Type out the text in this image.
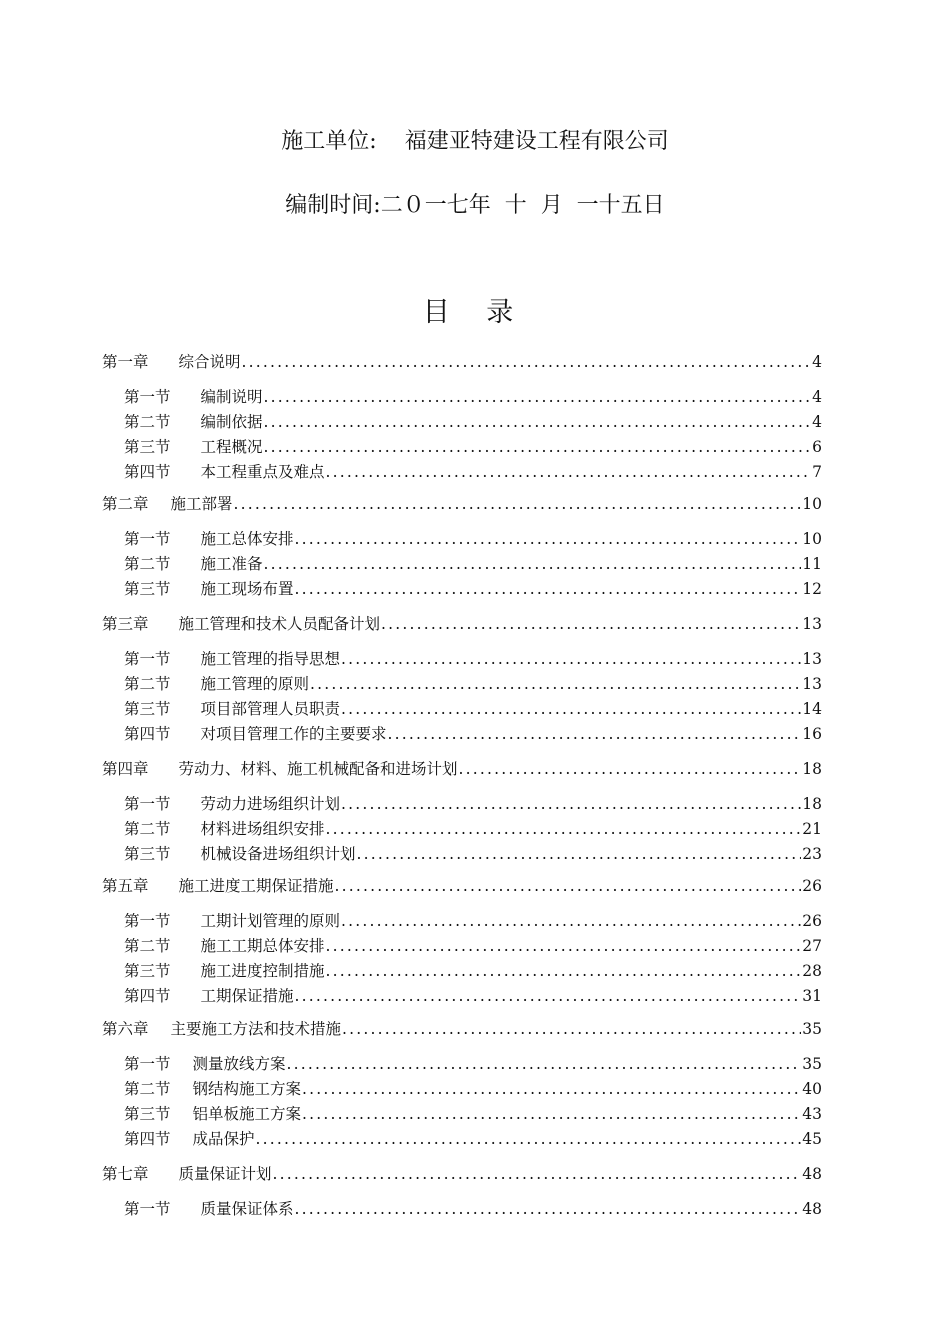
施工单位: 福建亚特建设工程有限公司
编制时间:二０一七年  十  月  一十五日
目 录
第一章 综合说明 .....	4
第一节 编制说明 .....	4
第二节 编制依据 .....	4
第三节 工程概况 .....	6
第四节 本工程重点及难点 .....	7
第二章 施工部署 .....	10
第一节 施工总体安排 .....	10
第二节 施工准备 .....	11
第三节 施工现场布置 .....	12
第三章 施工管理和技术人员配备计划 .....	13
第一节 施工管理的指导思想 .....	13
第二节 施工管理的原则 .....	13
第三节 项目部管理人员职责 .....	14
第四节 对项目管理工作的主要要求 .....	16
第四章 劳动力、材料、施工机械配备和进场计划 .....	18
第一节 劳动力进场组织计划 .....	18
第二节 材料进场组织安排 .....	21
第三节 机械设备进场组织计划 .....	23
第五章 施工进度工期保证措施 .....	26
第一节 工期计划管理的原则 .....	26
第二节 施工工期总体安排 .....	27
第三节 施工进度控制措施 .....	28
第四节 工期保证措施 .....	31
第六章 主要施工方法和技术措施 .....	35
第一节 测量放线方案 .....	35
第二节 钢结构施工方案 .....	40
第三节 铝单板施工方案 .....	43
第四节 成品保护 .....	45
第七章 质量保证计划 .....	48
第一节 质量保证体系 .....	48
